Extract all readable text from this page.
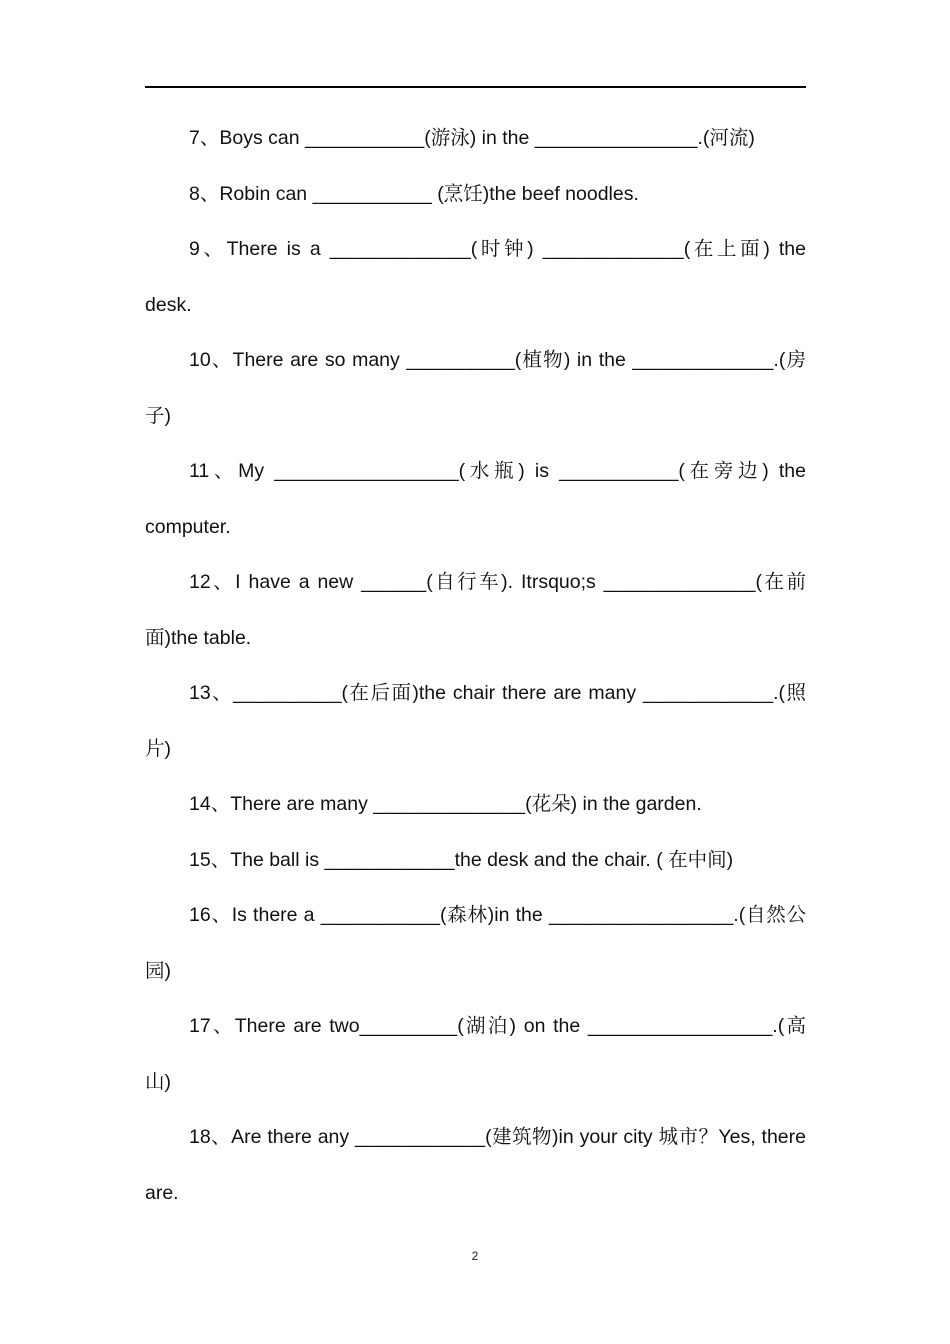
7、Boys can ___________(游泳) in the _______________.(河流)

8、Robin can ___________ (烹饪)the beef noodles.

9、There is a _____________(时钟) _____________(在上面) the desk.

10、There are so many __________(植物) in the _____________.(房子)

11、My _________________(水瓶) is ___________(在旁边) the computer.

12、I have a new ______(自行车). Itrsquo;s ______________(在前面)the table.

13、__________(在后面)the chair there are many ____________.(照片)

14、There are many ______________(花朵) in the garden.

15、The ball is ____________the desk and the chair. ( 在中间)

16、Is there a ___________(森林)in the _________________.(自然公园)

17、There are two_________(湖泊) on the _________________.(高山)

18、Are there any ____________(建筑物)in your city 城市？Yes, there are.

2
